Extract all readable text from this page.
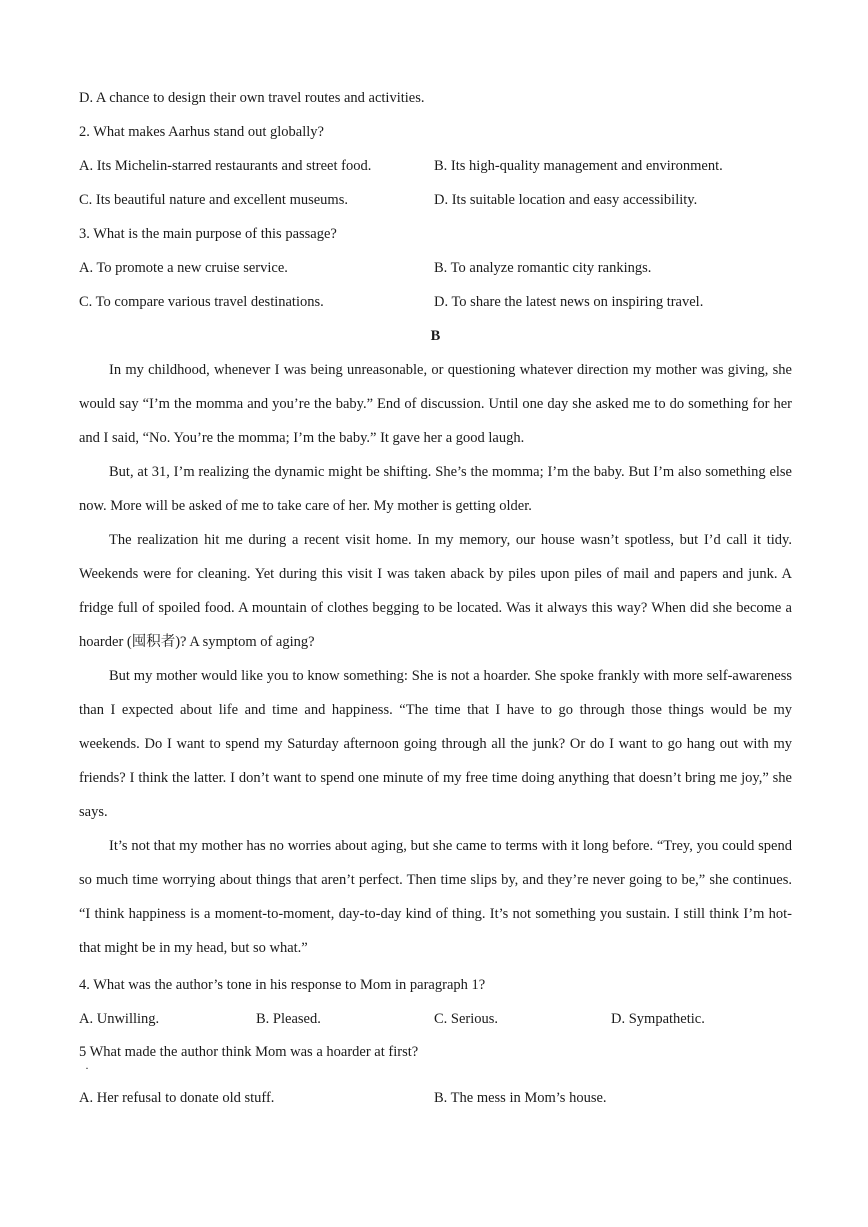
D. A chance to design their own travel routes and activities.
2. What makes Aarhus stand out globally?
A. Its Michelin-starred restaurants and street food.	B. Its high-quality management and environment.
C. Its beautiful nature and excellent museums.	D. Its suitable location and easy accessibility.
3. What is the main purpose of this passage?
A. To promote a new cruise service.	B. To analyze romantic city rankings.
C. To compare various travel destinations.	D. To share the latest news on inspiring travel.
B
In my childhood, whenever I was being unreasonable, or questioning whatever direction my mother was giving, she would say “I’m the momma and you’re the baby.” End of discussion. Until one day she asked me to do something for her and I said, “No. You’re the momma; I’m the baby.” It gave her a good laugh.
But, at 31, I’m realizing the dynamic might be shifting. She’s the momma; I’m the baby. But I’m also something else now. More will be asked of me to take care of her. My mother is getting older.
The realization hit me during a recent visit home. In my memory, our house wasn’t spotless, but I’d call it tidy. Weekends were for cleaning. Yet during this visit I was taken aback by piles upon piles of mail and papers and junk. A fridge full of spoiled food. A mountain of clothes begging to be located. Was it always this way? When did she become a hoarder (囤积者)? A symptom of aging?
But my mother would like you to know something: She is not a hoarder. She spoke frankly with more self-awareness than I expected about life and time and happiness. “The time that I have to go through those things would be my weekends. Do I want to spend my Saturday afternoon going through all the junk? Or do I want to go hang out with my friends? I think the latter. I don’t want to spend one minute of my free time doing anything that doesn’t bring me joy,” she says.
It’s not that my mother has no worries about aging, but she came to terms with it long before. “Trey, you could spend so much time worrying about things that aren’t perfect. Then time slips by, and they’re never going to be,” she continues. “I think happiness is a moment-to-moment, day-to-day kind of thing. It’s not something you sustain. I still think I’m hot- that might be in my head, but so what.”
4. What was the author’s tone in his response to Mom in paragraph 1?
A. Unwilling.	B. Pleased.	C. Serious.	D. Sympathetic.
5 What made the author think Mom was a hoarder at first?
·
A. Her refusal to donate old stuff.	B. The mess in Mom’s house.
